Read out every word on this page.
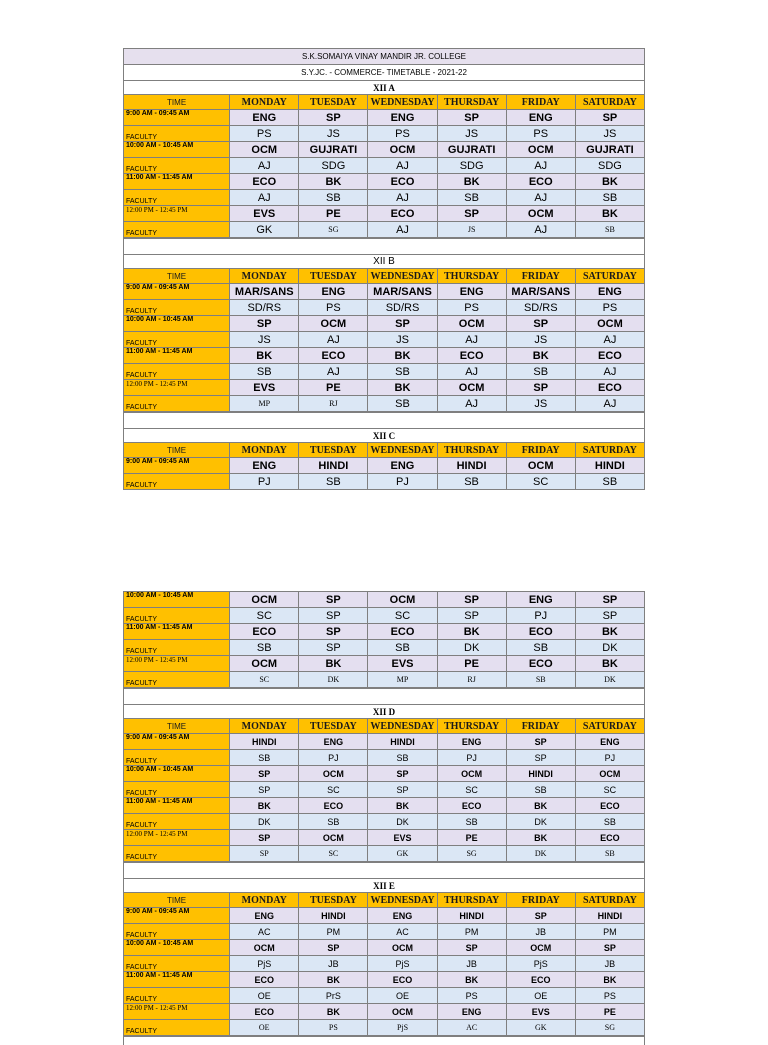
S.K.SOMAIYA VINAY MANDIR JR. COLLEGE						
S.Y.JC. - COMMERCE- TIMETABLE - 2021-22						
XII A						
TIME	MONDAY	TUESDAY	WEDNESDAY	THURSDAY	FRIDAY	SATURDAY
9:00 AM - 09:45 AM	ENG	SP	ENG	SP	ENG	SP
FACULTY	PS	JS	PS	JS	PS	JS
10:00 AM - 10:45 AM	OCM	GUJRATI	OCM	GUJRATI	OCM	GUJRATI
FACULTY	AJ	SDG	AJ	SDG	AJ	SDG
11:00 AM - 11:45 AM	ECO	BK	ECO	BK	ECO	BK
FACULTY	AJ	SB	AJ	SB	AJ	SB
12:00 PM - 12:45 PM	EVS	PE	ECO	SP	OCM	BK
FACULTY	GK	SG	AJ	JS	AJ	SB
XII B						
TIME	MONDAY	TUESDAY	WEDNESDAY	THURSDAY	FRIDAY	SATURDAY
9:00 AM - 09:45 AM	MAR/SANS	ENG	MAR/SANS	ENG	MAR/SANS	ENG
FACULTY	SD/RS	PS	SD/RS	PS	SD/RS	PS
10:00 AM - 10:45 AM	SP	OCM	SP	OCM	SP	OCM
FACULTY	JS	AJ	JS	AJ	JS	AJ
11:00 AM - 11:45 AM	BK	ECO	BK	ECO	BK	ECO
FACULTY	SB	AJ	SB	AJ	SB	AJ
12:00 PM - 12:45 PM	EVS	PE	BK	OCM	SP	ECO
FACULTY	MP	RJ	SB	AJ	JS	AJ
XII C						
TIME	MONDAY	TUESDAY	WEDNESDAY	THURSDAY	FRIDAY	SATURDAY
9:00 AM - 09:45 AM	ENG	HINDI	ENG	HINDI	OCM	HINDI
FACULTY	PJ	SB	PJ	SB	SC	SB
10:00 AM - 10:45 AM	OCM	SP	OCM	SP	ENG	SP
FACULTY	SC	SP	SC	SP	PJ	SP
11:00 AM - 11:45 AM	ECO	SP	ECO	BK	ECO	BK
FACULTY	SB	SP	SB	DK	SB	DK
12:00 PM - 12:45 PM	OCM	BK	EVS	PE	ECO	BK
FACULTY	SC	DK	MP	RJ	SB	DK
XII D						
TIME	MONDAY	TUESDAY	WEDNESDAY	THURSDAY	FRIDAY	SATURDAY
9:00 AM - 09:45 AM	HINDI	ENG	HINDI	ENG	SP	ENG
FACULTY	SB	PJ	SB	PJ	SP	PJ
10:00 AM - 10:45 AM	SP	OCM	SP	OCM	HINDI	OCM
FACULTY	SP	SC	SP	SC	SB	SC
11:00 AM - 11:45 AM	BK	ECO	BK	ECO	BK	ECO
FACULTY	DK	SB	DK	SB	DK	SB
12:00 PM - 12:45 PM	SP	OCM	EVS	PE	BK	ECO
FACULTY	SP	SC	GK	SG	DK	SB
XII E						
TIME	MONDAY	TUESDAY	WEDNESDAY	THURSDAY	FRIDAY	SATURDAY
9:00 AM - 09:45 AM	ENG	HINDI	ENG	HINDI	SP	HINDI
FACULTY	AC	PM	AC	PM	JB	PM
10:00 AM - 10:45 AM	OCM	SP	OCM	SP	OCM	SP
FACULTY	PjS	JB	PjS	JB	PjS	JB
11:00 AM - 11:45 AM	ECO	BK	ECO	BK	ECO	BK
FACULTY	OE	PrS	OE	PS	OE	PS
12:00 PM - 12:45 PM	ECO	BK	OCM	ENG	EVS	PE
FACULTY	OE	PS	PjS	AC	GK	SG
